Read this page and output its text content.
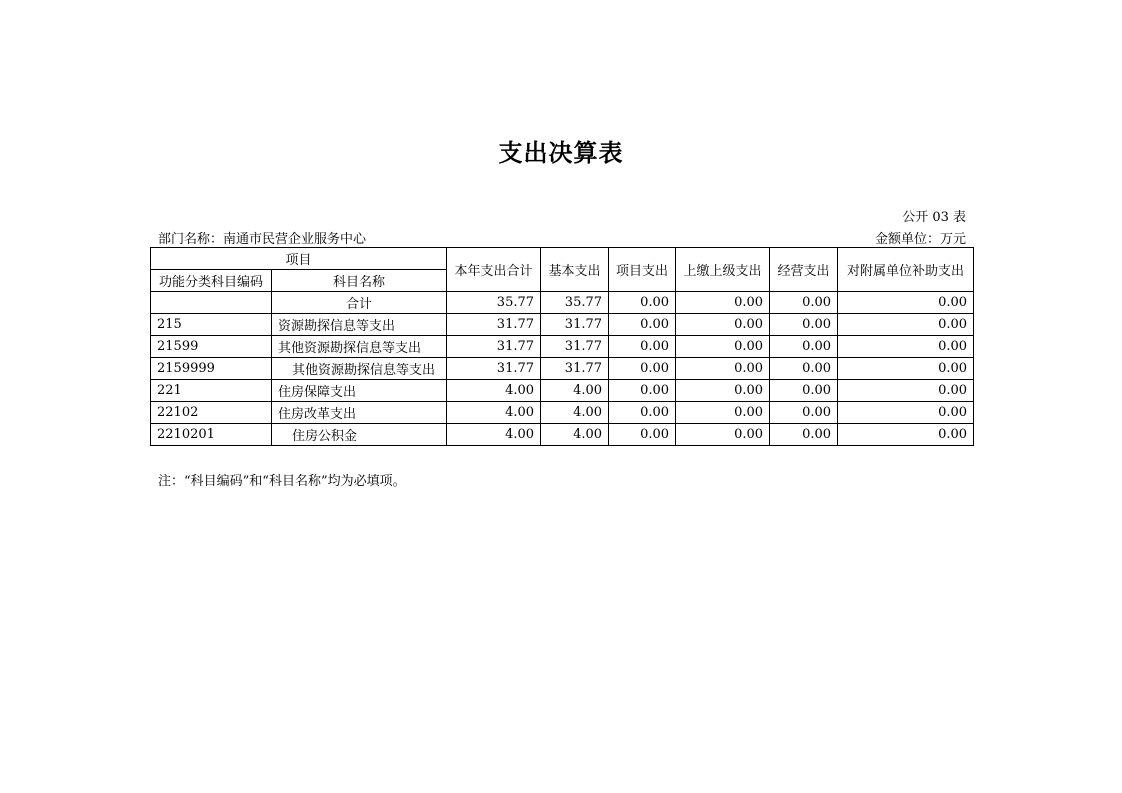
支出决算表
公开 03 表
部门名称：南通市民营企业服务中心	金额单位：万元
项目		本年支出合计	基本支出	项目支出	上缴上级支出	经营支出	对附属单位补助支出
功能分类科目编码	科目名称						
	合计	35.77	35.77	0.00	0.00	0.00	0.00
215	资源勘探信息等支出	31.77	31.77	0.00	0.00	0.00	0.00
21599	其他资源勘探信息等支出	31.77	31.77	0.00	0.00	0.00	0.00
2159999	其他资源勘探信息等支出	31.77	31.77	0.00	0.00	0.00	0.00
221	住房保障支出	4.00	4.00	0.00	0.00	0.00	0.00
22102	住房改革支出	4.00	4.00	0.00	0.00	0.00	0.00
2210201	住房公积金	4.00	4.00	0.00	0.00	0.00	0.00
注：“科目编码”和“科目名称”均为必填项。
